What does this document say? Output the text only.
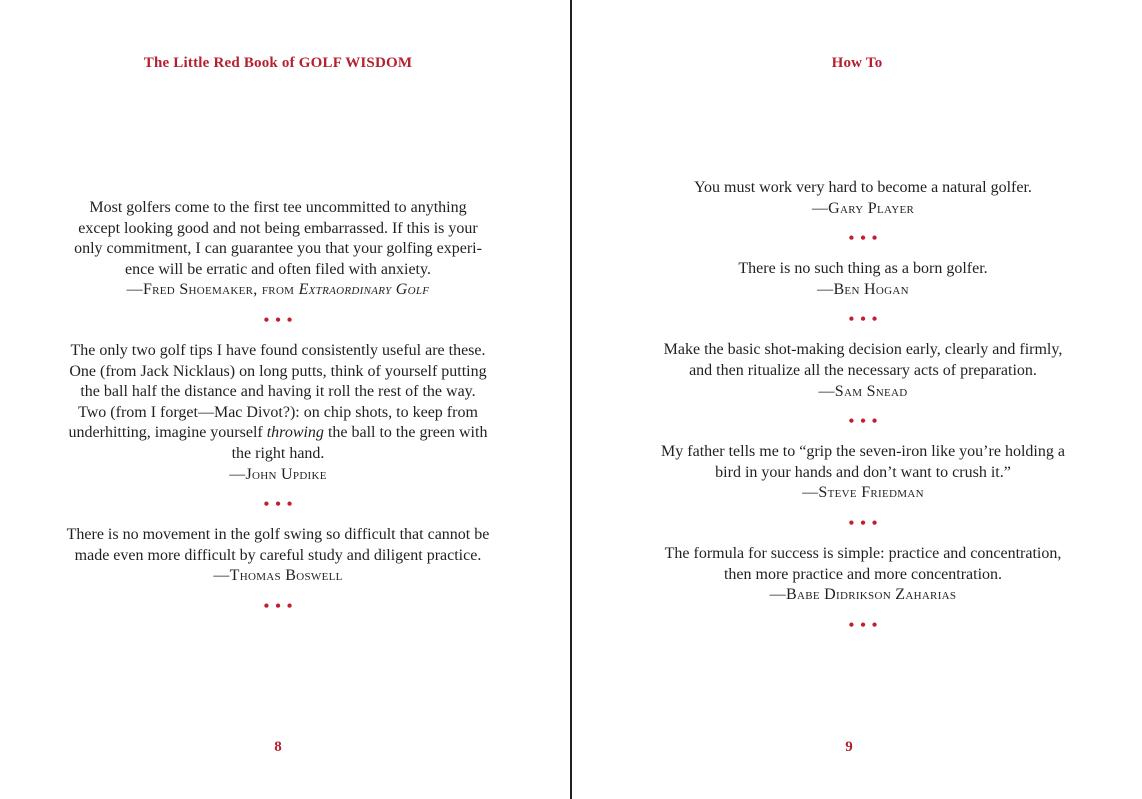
The Little Red Book of GOLF WISDOM

Most golfers come to the first tee uncommitted to anything

except looking good and not being embarrassed. If this is your

only commitment, I can guarantee you that your golfing experi-

ence will be erratic and often filed with anxiety.

—Fred Shoemaker, from Extraordinary Golf

•••

The only two golf tips I have found consistently useful are these.

One (from Jack Nicklaus) on long putts, think of yourself putting

the ball half the distance and having it roll the rest of the way.

Two (from I forget—Mac Divot?): on chip shots, to keep from

underhitting, imagine yourself throwing the ball to the green with

the right hand.

—John Updike

•••

There is no movement in the golf swing so difficult that cannot be

made even more difficult by careful study and diligent practice.

—Thomas Boswell

•••
8
How To

You must work very hard to become a natural golfer.

—Gary Player

•••

There is no such thing as a born golfer.

—Ben Hogan

•••

Make the basic shot-making decision early, clearly and firmly,

and then ritualize all the necessary acts of preparation.

—Sam Snead

•••

My father tells me to “grip the seven-iron like you’re holding a

bird in your hands and don’t want to crush it.”

—Steve Friedman

•••

The formula for success is simple: practice and concentration,

then more practice and more concentration.

—Babe Didrikson Zaharias

•••
9
